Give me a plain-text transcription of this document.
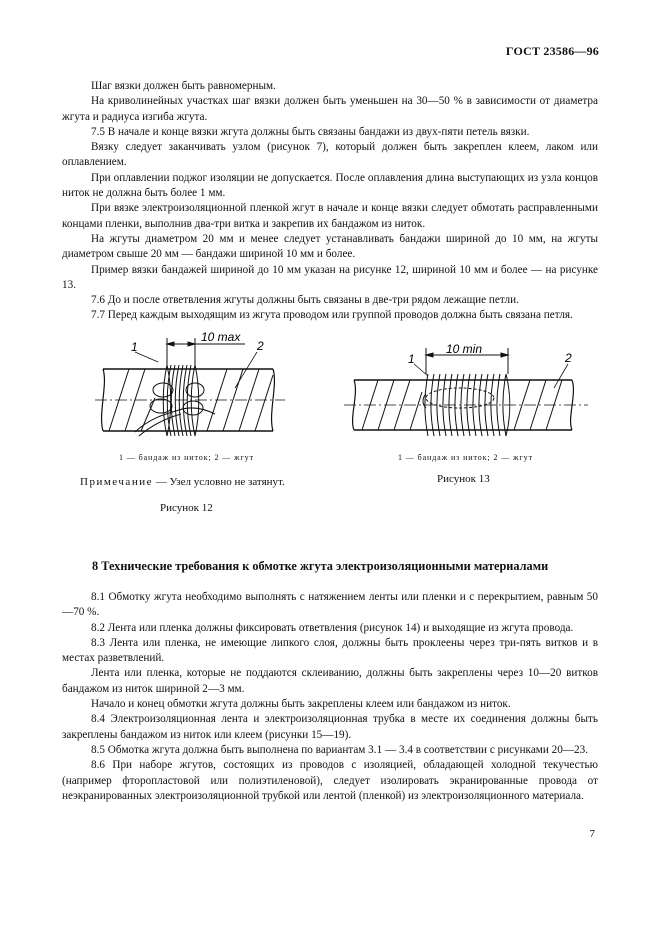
ГОСТ 23586—96

Шаг вязки должен быть равномерным.

На криволинейных участках шаг вязки должен быть уменьшен на 30—50 % в зависимости от диаметра жгута и радиуса изгиба жгута.

7.5 В начале и конце вязки жгута должны быть связаны бандажи из двух-пяти петель вязки.

Вязку следует заканчивать узлом (рисунок 7), который должен быть закреплен клеем, лаком или оплавлением.

При оплавлении поджог изоляции не допускается. После оплавления длина выступающих из узла концов ниток не должна быть более 1 мм.

При вязке электроизоляционной пленкой жгут в начале и конце вязки следует обмотать расправленными концами пленки, выполнив два-три витка и закрепив их бандажом из ниток.

На жгуты диаметром 20 мм и менее следует устанавливать бандажи шириной до 10 мм, на жгуты диаметром свыше 20 мм — бандажи шириной 10 мм и более.

Пример вязки бандажей шириной до 10 мм указан на рисунке 12, шириной 10 мм и более — на рисунке 13.

7.6 До и после ответвления жгуты должны быть связаны в две-три рядом лежащие петли.

7.7 Перед каждым выходящим из жгута проводом или группой проводов должна быть связана петля.

10 max
1	2	10 min
1	2
1 — бандаж из ниток; 2 — жгут	1 — бандаж из ниток; 2 — жгут
Примечание — Узел условно не затянут.	Рисунок 13
Рисунок 12
8 Технические требования к обмотке жгута электроизоляционными материалами

8.1 Обмотку жгута необходимо выполнять с натяжением ленты или пленки и с перекрытием, равным 50—70 %.

8.2 Лента или пленка должны фиксировать ответвления (рисунок 14) и выходящие из жгута провода.

8.3 Лента или пленка, не имеющие липкого слоя, должны быть проклеены через три-пять витков и в местах разветвлений.

Лента или пленка, которые не поддаются склеиванию, должны быть закреплены через 10—20 витков бандажом из ниток шириной 2—3 мм.

Начало и конец обмотки жгута должны быть закреплены клеем или бандажом из ниток.

8.4 Электроизоляционная лента и электроизоляционная трубка в месте их соединения должны быть закреплены бандажом из ниток или клеем (рисунки 15—19).

8.5 Обмотка жгута должна быть выполнена по вариантам 3.1 — 3.4 в соответствии с рисунками 20—23.

8.6 При наборе жгутов, состоящих из проводов с изоляцией, обладающей холодной текучестью (например фторопластовой или полиэтиленовой), следует изолировать экранированные провода от неэкранированных электроизоляционной трубкой или лентой (пленкой) из электроизоляционного материала.

7
